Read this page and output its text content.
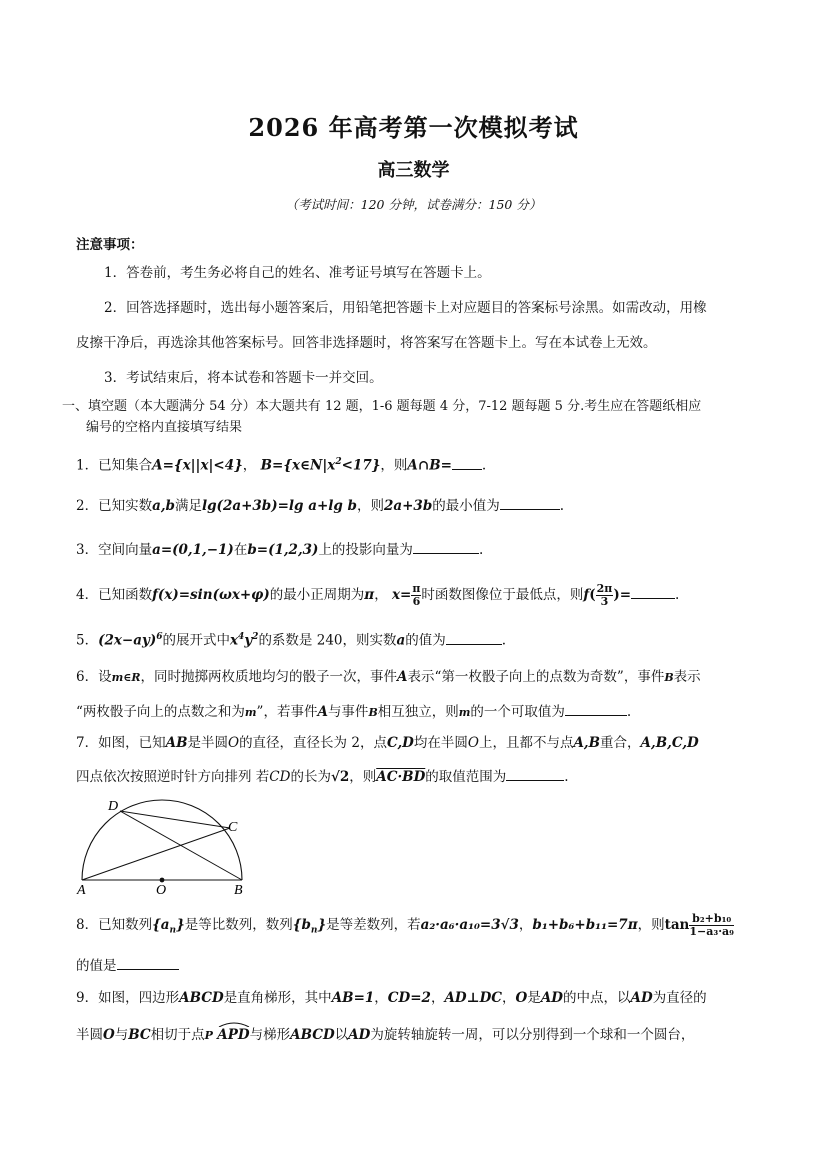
2026 年高考第一次模拟考试
高三数学
（考试时间：120 分钟，试卷满分：150 分）
注意事项：
1．答卷前，考生务必将自己的姓名、准考证号填写在答题卡上。
2．回答选择题时，选出每小题答案后，用铅笔把答题卡上对应题目的答案标号涂黑。如需改动，用橡
皮擦干净后，再选涂其他答案标号。回答非选择题时，将答案写在答题卡上。写在本试卷上无效。
3．考试结束后，将本试卷和答题卡一并交回。
一、填空题（本大题满分 54 分）本大题共有 12 题，1-6 题每题 4 分，7-12 题每题 5 分.考生应在答题纸相应
编号的空格内直接填写结果
1．已知集合A={x||x|<4}， $B=\{x\in N|x^2<17\}$，则A∩B= .
2．已知实数a,b满足lg(2a+3b)=lg a+lg b，则2a+3b的最小值为	.
3．空间向量a=(0,1,−1)在b=(1,2,3)上的投影向量为	.
4．已知函数f(x)=sin(ωx+φ)的最小正周期为π， $x= \frac{\pi}{6}$ 时函数图像位于最低点，则$f( \frac{2\pi}{3}$ )=	.
5．$(2x-ay)^6$的展开式中$x^4y^2$的系数是 240，则实数a的值为	.
6．设m∈R，同时抛掷两枚质地均匀的骰子一次，事件A表示“第一枚骰子向上的点数为奇数”，事件B表示
“两枚骰子向上的点数之和为m”，若事件A与事件B相互独立，则m的一个可取值为	.
7．如图，已知AB是半圆O的直径，直径长为 2，点C,D均在半圆O上，且都不与点A,B重合，A,B,C,D
四点依次按照逆时针方向排列 若CD的长为√2，则AC·BD的取值范围为	.
D
C
A	O	B
8．已知数列$\{a_n\}$是等比数列，数列$\{b_n\}$是等差数列，若a₂·a₆·a₁₀=3√3，b₁+b₆+b₁₁=7π，则$\tan \frac{\text{b₂+b₁₀}}{\text{1−a₃·a₉}}$
的值是
9．如图，四边形ABCD是直角梯形，其中AB=1，CD=2，AD⊥DC，O是AD的中点，以AD为直径的
半圆O与BC相切于点P APD与梯形ABCD以AD为旋转轴旋转一周，可以分别得到一个球和一个圆台，
